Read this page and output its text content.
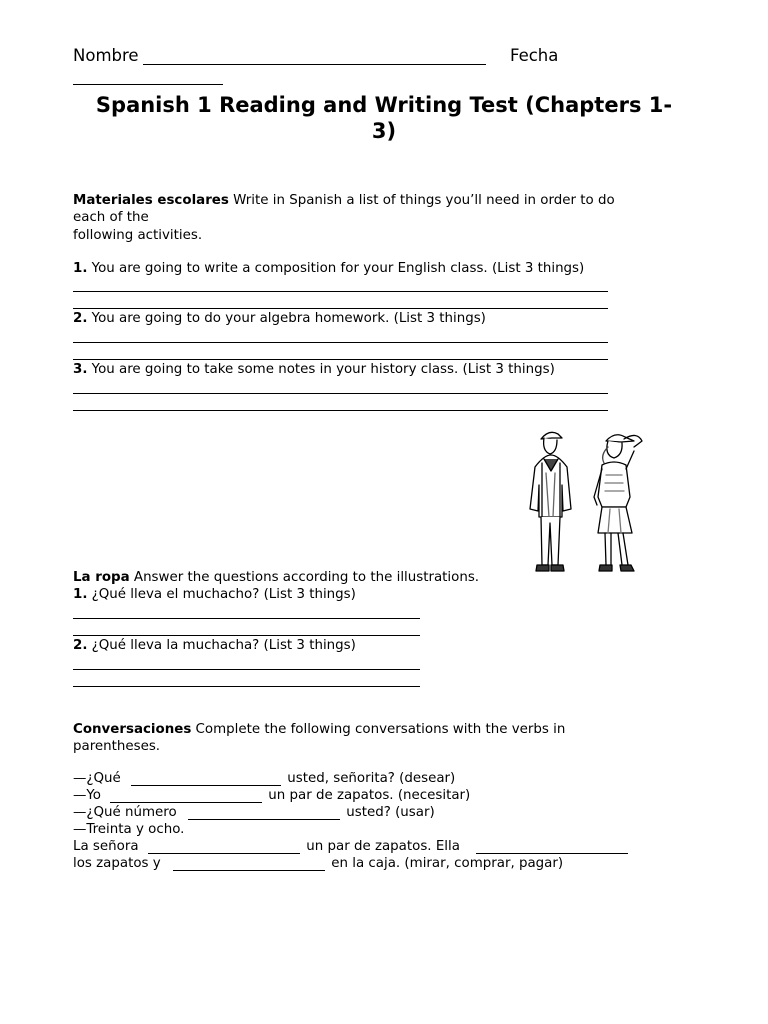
Nombre	Fecha
Spanish 1 Reading and Writing Test (Chapters 1-
3)
Materiales escolares Write in Spanish a list of things you’ll need in order to do
each of the
following activities.
1. You are going to write a composition for your English class. (List 3 things)
2. You are going to do your algebra homework. (List 3 things)
3. You are going to take some notes in your history class. (List 3 things)
La ropa Answer the questions according to the illustrations.
1. ¿Qué lleva el muchacho? (List 3 things)
2. ¿Qué lleva la muchacha? (List 3 things)
Conversaciones Complete the following conversations with the verbs in
parentheses.
—¿Qué	usted, señorita? (desear)
—Yo	un par de zapatos. (necesitar)
—¿Qué número	usted? (usar)
—Treinta y ocho.
La señora	un par de zapatos. Ella
los zapatos y	en la caja. (mirar, comprar, pagar)
